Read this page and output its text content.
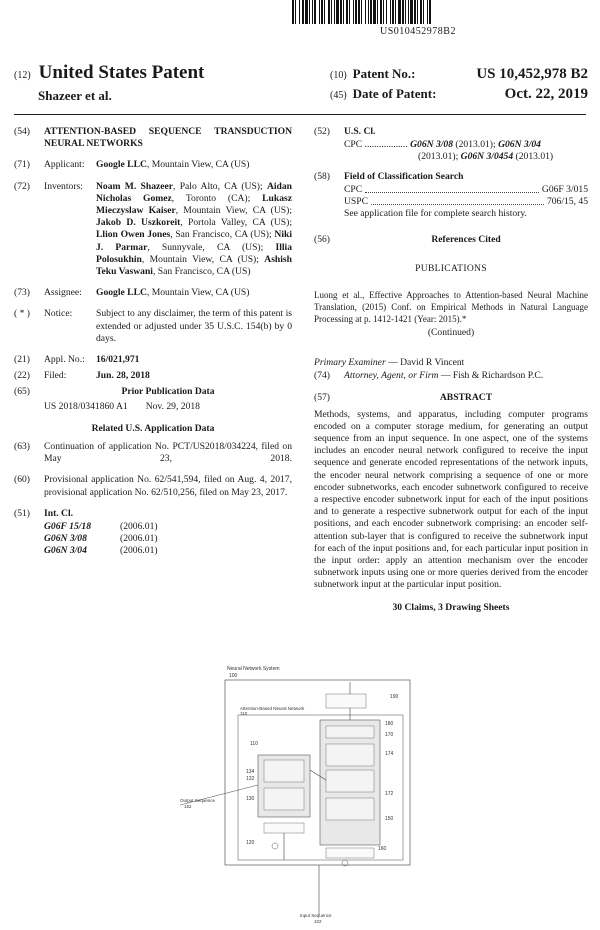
US010452978B2
(12) United States Patent
Shazeer et al.
(10) Patent No.:	US 10,452,978 B2
(45) Date of Patent:	Oct. 22, 2019
(54)	ATTENTION-BASED SEQUENCE TRANSDUCTION NEURAL NETWORKS
(71)	Applicant:	Google LLC, Mountain View, CA (US)
(72)	Inventors:	Noam M. Shazeer, Palo Alto, CA (US); Aidan Nicholas Gomez, Toronto (CA); Lukasz Mieczyslaw Kaiser, Mountain View, CA (US); Jakob D. Uszkoreit, Portola Valley, CA (US); Llion Owen Jones, San Francisco, CA (US); Niki J. Parmar, Sunnyvale, CA (US); Illia Polosukhin, Mountain View, CA (US); Ashish Teku Vaswani, San Francisco, CA (US)
(73)	Assignee:	Google LLC, Mountain View, CA (US)
( * )	Notice:	Subject to any disclaimer, the term of this patent is extended or adjusted under 35 U.S.C. 154(b) by 0 days.
(21)	Appl. No.:	16/021,971
(22)	Filed:	Jun. 28, 2018
(65)	Prior Publication Data
US 2018/0341860 A1 Nov. 29, 2018
Related U.S. Application Data
(63)	Continuation of application No. PCT/US2018/034224, filed on May 23, 2018.
(60)	Provisional application No. 62/541,594, filed on Aug. 4, 2017, provisional application No. 62/510,256, filed on May 23, 2017.
(51)	Int. Cl.
G06F 15/18	(2006.01)
G06N 3/08	(2006.01)
G06N 3/04	(2006.01)
(52)	U.S. Cl.
CPC .................. G06N 3/08 (2013.01); G06N 3/04
(2013.01); G06N 3/0454 (2013.01)
(58)	Field of Classification Search
CPC	G06F 3/015
USPC	706/15, 45
See application file for complete search history.
(56)	References Cited
PUBLICATIONS
Luong et al., Effective Approaches to Attention-based Neural Machine Translation, (2015) Conf. on Empirical Methods in Natural Language Processing at p. 1412-1421 (Year: 2015).*
(Continued)
Primary Examiner — David R Vincent
(74)	Attorney, Agent, or Firm — Fish & Richardson P.C.
(57)	ABSTRACT
Methods, systems, and apparatus, including computer programs encoded on a computer storage medium, for generating an output sequence from an input sequence. In one aspect, one of the systems includes an encoder neural network configured to receive the input sequence and generate encoded representations of the network inputs, the encoder neural network comprising a sequence of one or more encoder subnetworks, each encoder subnetwork configured to receive a respective encoder subnetwork input for each of the input positions and to generate a respective subnetwork output for each of the input positions, and each encoder subnetwork comprising: an encoder self-attention sub-layer that is configured to receive the subnetwork input for each of the input positions and, for each particular input position in the input order: apply an attention mechanism over the encoder subnetwork inputs using one or more queries derived from the encoder subnetwork input at the particular input position.
30 Claims, 3 Drawing Sheets
Neural Network System
100
Attention-Based Neural Network
110
Output Sequence
152
Input Sequence
102
190
180
170
174
172
150
134
132
130
120
160
110
